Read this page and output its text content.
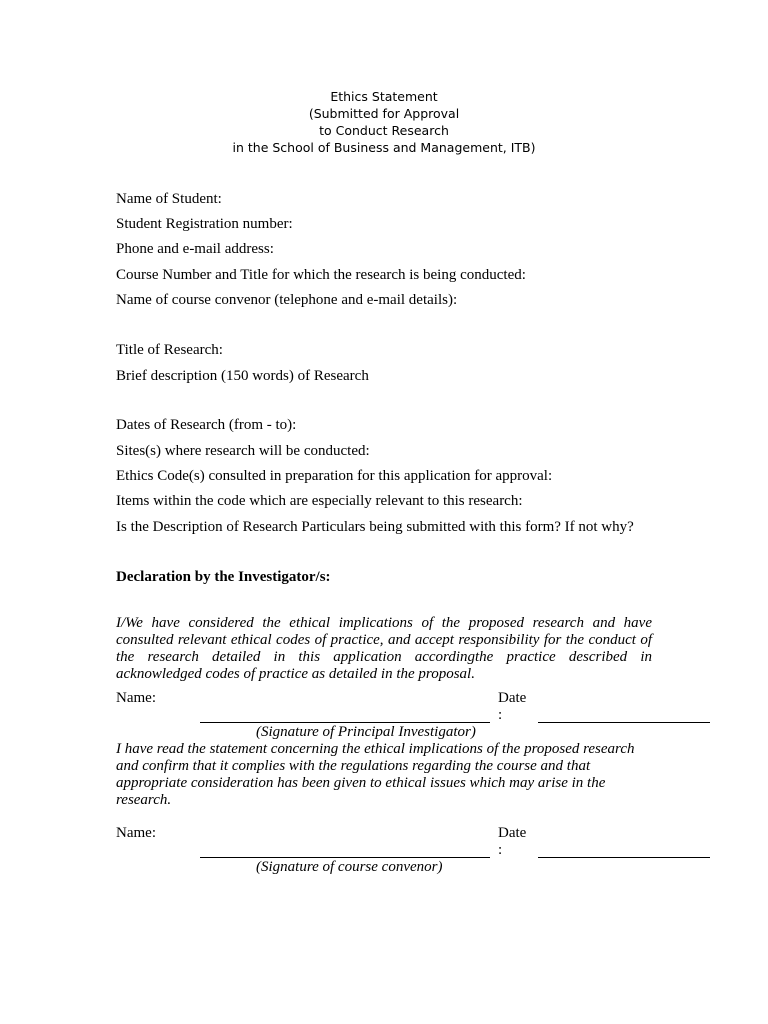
Ethics Statement
(Submitted for Approval
to Conduct Research
in the School of Business and Management, ITB)
Name of Student:
Student Registration number:
Phone and e-mail address:
Course Number and Title for which the research is being conducted:
Name of course convenor (telephone and e-mail details):
Title of Research:
Brief description (150 words) of Research
Dates of Research (from - to):
Sites(s) where research will be conducted:
Ethics Code(s) consulted in preparation for this application for approval:
Items within the code which are especially relevant to this research:
Is the Description of Research Particulars being submitted with this form? If not why?
Declaration by the Investigator/s:
I/We have considered the ethical implications of the proposed research and have consulted relevant ethical codes of practice, and accept responsibility for the conduct of the research detailed in this application accordingthe practice described in acknowledged codes of practice as detailed in the proposal.
Name:	Date
:
(Signature of Principal Investigator)
I have read the statement concerning the ethical implications of the proposed research and confirm that it complies with the regulations regarding the course and that appropriate consideration has been given to ethical issues which may arise in the research.
Name:	Date
:
(Signature of course convenor)
